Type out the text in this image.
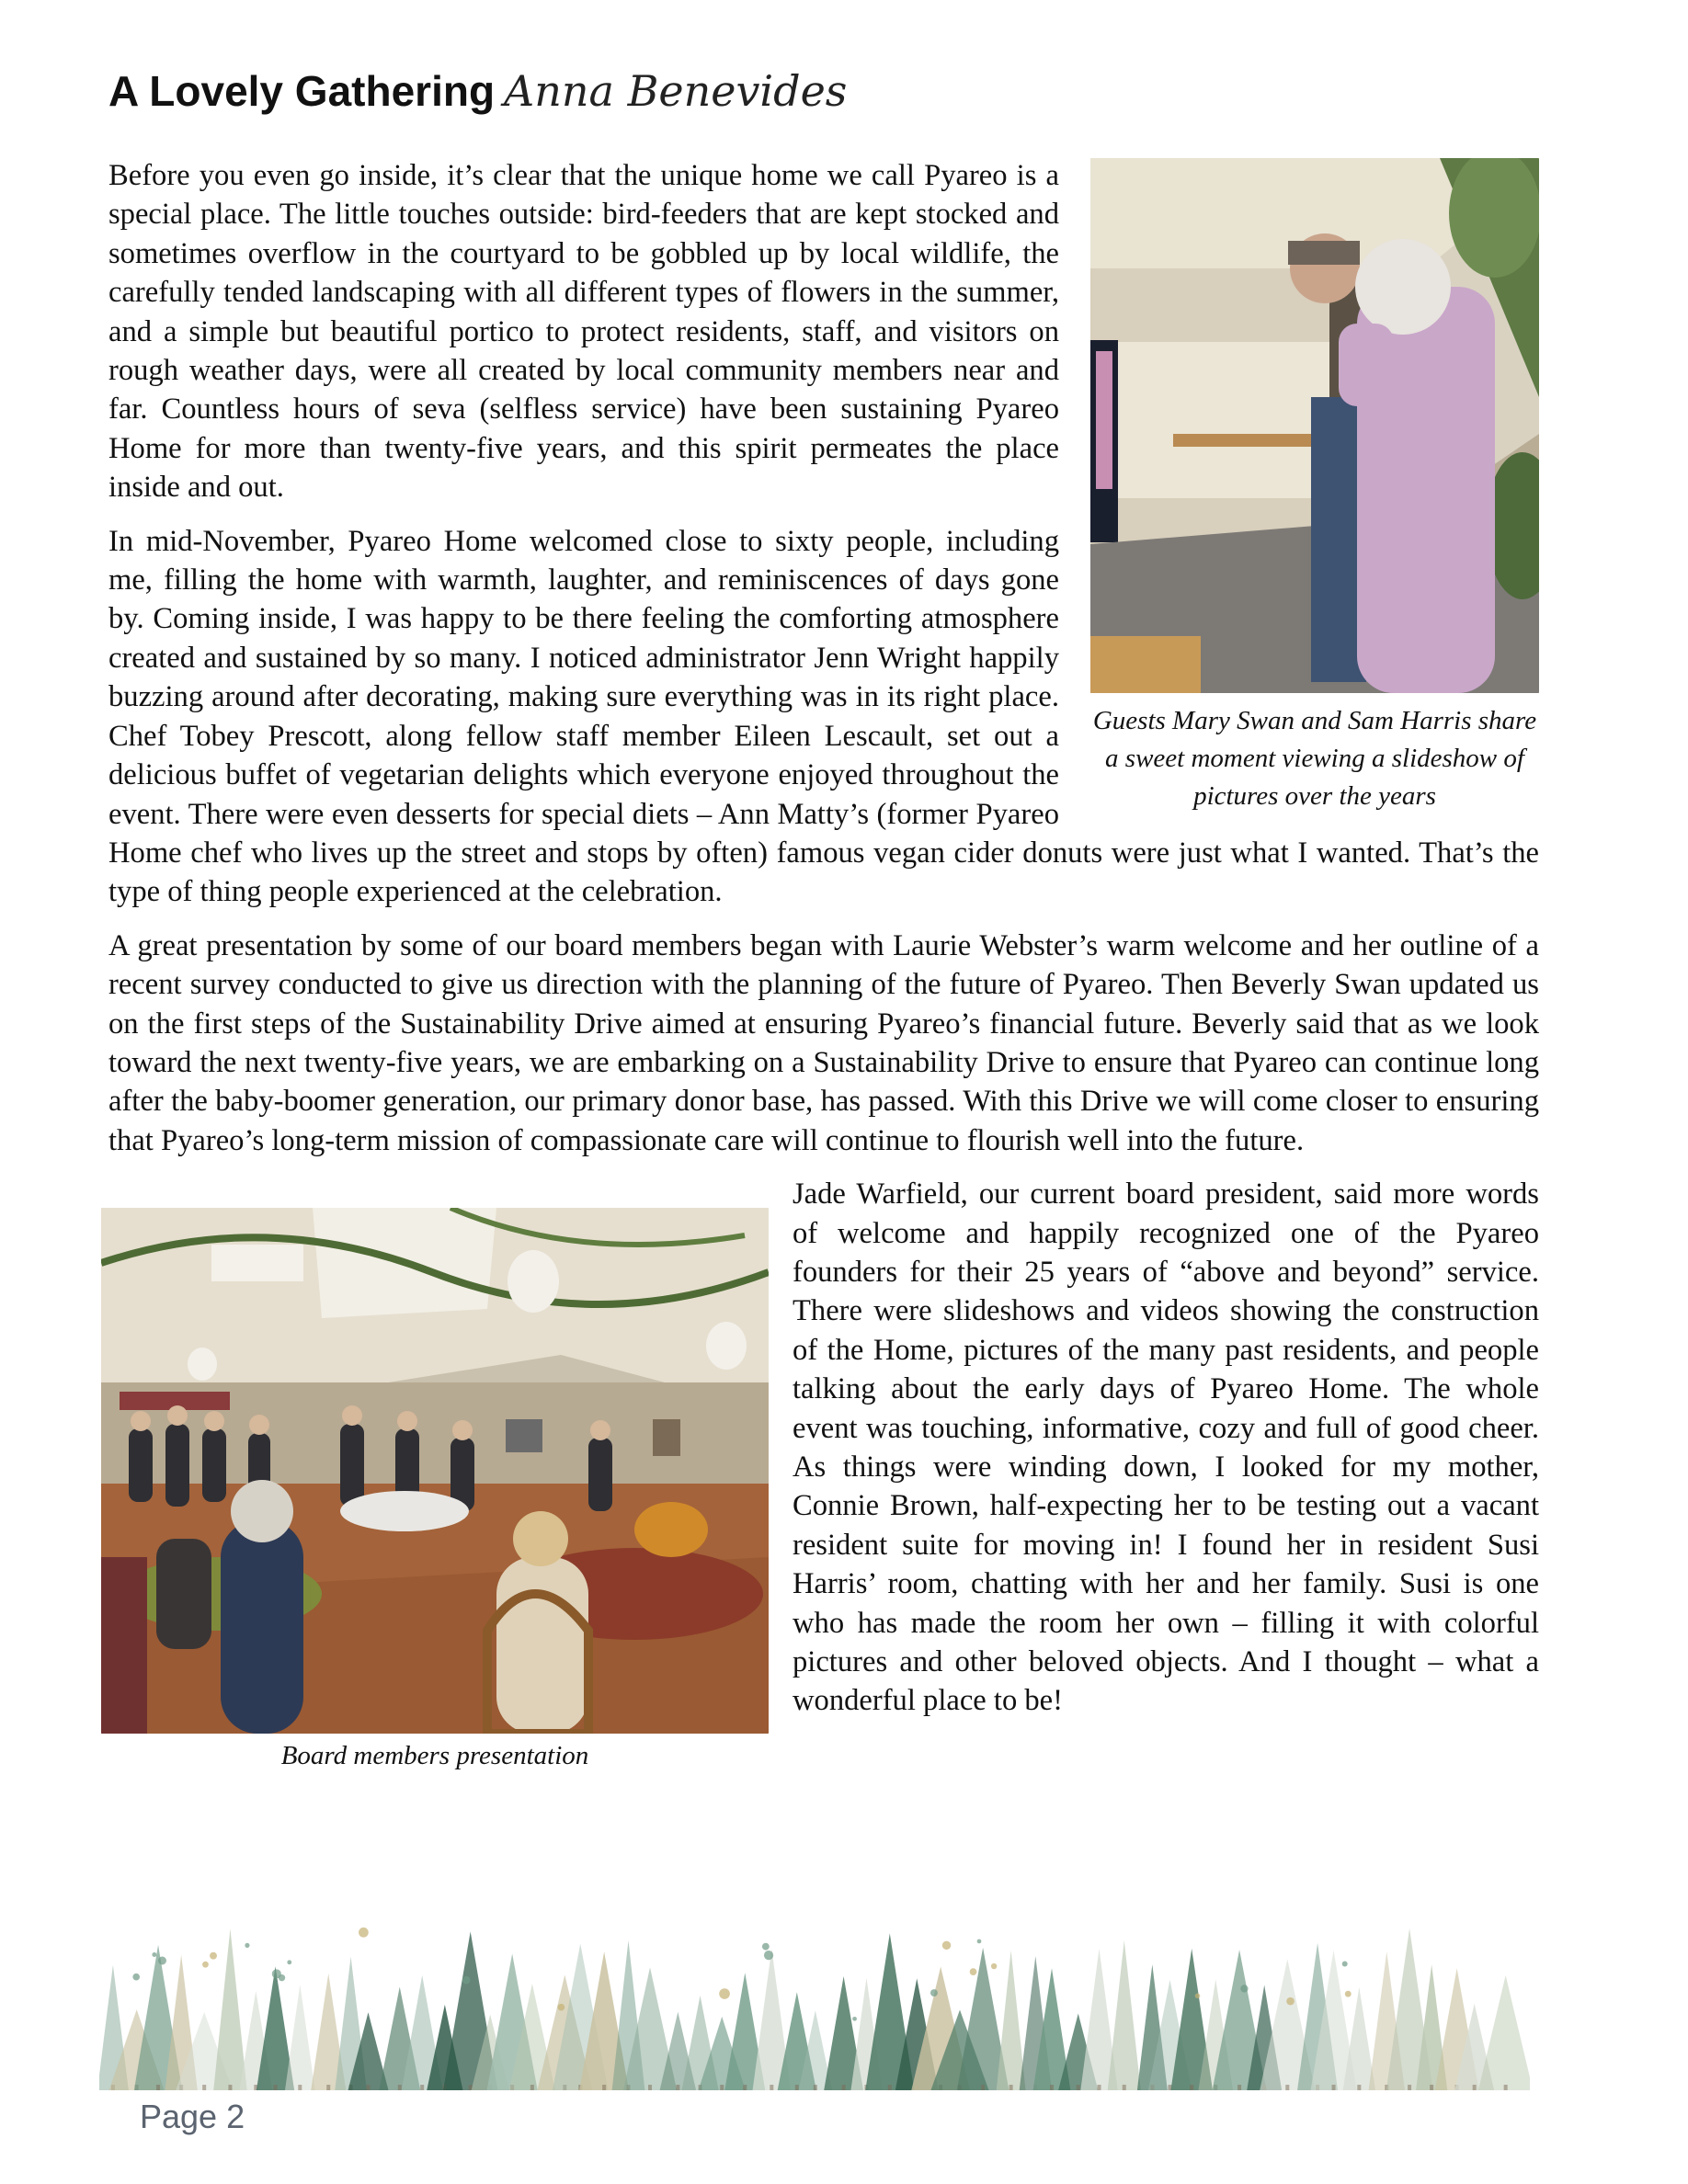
A Lovely Gathering Anna Benevides
Guests Mary Swan and Sam Harris share a sweet moment viewing a slideshow of pictures over the years

Before you even go inside, it’s clear that the unique home we call Pyareo is a special place. The little touches outside: bird-feeders that are kept stocked and sometimes overflow in the courtyard to be gobbled up by local wildlife, the carefully tended landscaping with all different types of flowers in the summer, and a simple but beautiful portico to protect residents, staff, and visitors on rough weather days, were all created by local community members near and far. Countless hours of seva (selfless service) have been sustaining Pyareo Home for more than twenty-five years, and this spirit permeates the place inside and out.

In mid-November, Pyareo Home welcomed close to sixty people, including me, filling the home with warmth, laughter, and reminiscences of days gone by. Coming inside, I was happy to be there feeling the comforting atmosphere created and sustained by so many. I noticed administrator Jenn Wright happily buzzing around after decorating, making sure everything was in its right place. Chef Tobey Prescott, along fellow staff member Eileen Lescault, set out a delicious buffet of vegetarian delights which everyone enjoyed throughout the event. There were even desserts for special diets – Ann Matty’s (former Pyareo Home chef who lives up the street and stops by often) famous vegan cider donuts were just what I wanted. That’s the type of thing people experienced at the celebration.

A great presentation by some of our board members began with Laurie Webster’s warm welcome and her outline of a recent survey conducted to give us direction with the planning of the future of Pyareo. Then Beverly Swan updated us on the first steps of the Sustainability Drive aimed at ensuring Pyareo’s financial future. Beverly said that as we look toward the next twenty-five years, we are embarking on a Sustainability Drive to ensure that Pyareo can continue long after the baby-boomer generation, our primary donor base, has passed. With this Drive we will come closer to ensuring that Pyareo’s long-term mission of compassionate care will continue to flourish well into the future.

Board members presentation

Jade Warfield, our current board president, said more words of welcome and happily recognized one of the Pyareo founders for their 25 years of “above and beyond” service. There were slideshows and videos showing the construction of the Home, pictures of the many past residents, and people talking about the early days of Pyareo Home. The whole event was touching, informative, cozy and full of good cheer. As things were winding down, I looked for my mother, Connie Brown, half-expecting her to be testing out a vacant resident suite for moving in! I found her in resident Susi Harris’ room, chatting with her and her family. Susi is one who has made the room her own – filling it with colorful pictures and other beloved objects. And I thought – what a wonderful place to be!

Page 2
